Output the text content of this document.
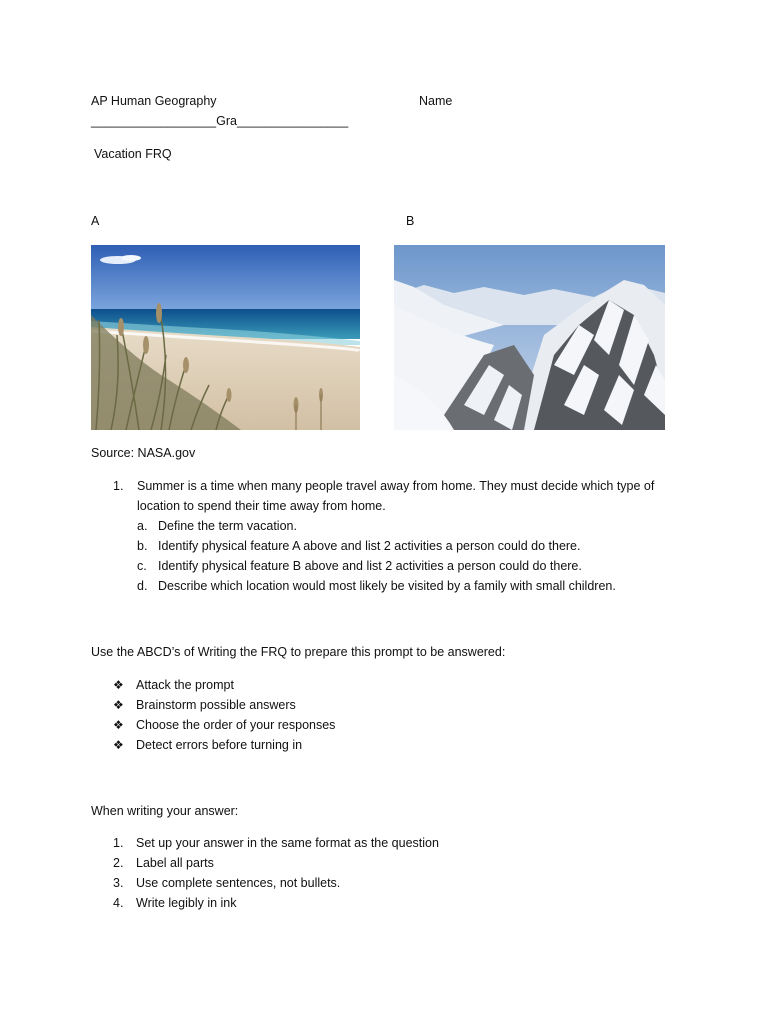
AP Human Geography	Name
__________________Gra________________
Vacation FRQ
A	B
Source: NASA.gov
1. Summer is a time when many people travel away from home. They must decide which type of
location to spend their time away from home.
a. Define the term vacation.
b. Identify physical feature A above and list 2 activities a person could do there.
c. Identify physical feature B above and list 2 activities a person could do there.
d. Describe which location would most likely be visited by a family with small children.
Use the ABCD’s of Writing the FRQ to prepare this prompt to be answered:
❖ Attack the prompt
❖ Brainstorm possible answers
❖ Choose the order of your responses
❖ Detect errors before turning in
When writing your answer:
1. Set up your answer in the same format as the question
2. Label all parts
3. Use complete sentences, not bullets.
4. Write legibly in ink
